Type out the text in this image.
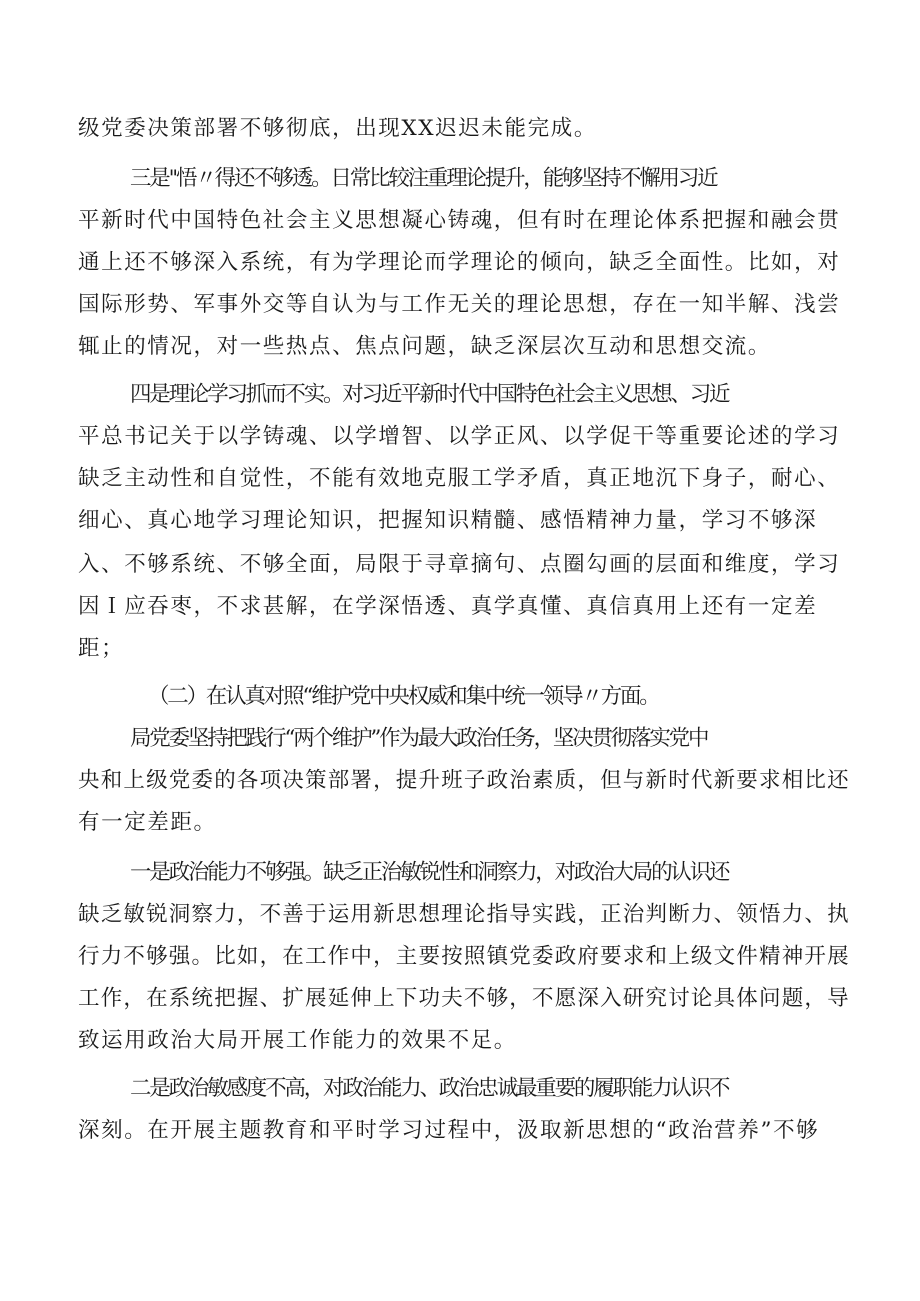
级党委决策部署不够彻底，出现XX迟迟未能完成。
三是''悟〃得还不够透。日常比较注重理论提升，能够坚持不懈用习近
平新时代中国特色社会主义思想凝心铸魂，但有时在理论体系把握和融会贯
通上还不够深入系统，有为学理论而学理论的倾向，缺乏全面性。比如，对
国际形势、军事外交等自认为与工作无关的理论思想，存在一知半解、浅尝
辄止的情况，对一些热点、焦点问题，缺乏深层次互动和思想交流。
四是理论学习抓而不实。对习近平新时代中国特色社会主义思想、习近
平总书记关于以学铸魂、以学增智、以学正风、以学促干等重要论述的学习
缺乏主动性和自觉性，不能有效地克服工学矛盾，真正地沉下身子，耐心、
细心、真心地学习理论知识，把握知识精髓、感悟精神力量，学习不够深
入、不够系统、不够全面，局限于寻章摘句、点圈勾画的层面和维度，学习
因Ｉ应吞枣，不求甚解，在学深悟透、真学真懂、真信真用上还有一定差
距；
（二）在认真对照“维护党中央权威和集中统一领导〃方面。
局党委坚持把践行“两个维护”作为最大政治任务，坚决贯彻落实党中
央和上级党委的各项决策部署，提升班子政治素质，但与新时代新要求相比还
有一定差距。
一是政治能力不够强。缺乏正治敏锐性和洞察力，对政治大局的认识还
缺乏敏锐洞察力，不善于运用新思想理论指导实践，正治判断力、领悟力、执
行力不够强。比如，在工作中，主要按照镇党委政府要求和上级文件精神开展
工作，在系统把握、扩展延伸上下功夫不够，不愿深入研究讨论具体问题，导
致运用政治大局开展工作能力的效果不足。
二是政治敏感度不高，对政治能力、政治忠诚最重要的履职能力认识不
深刻。在开展主题教育和平时学习过程中，汲取新思想的“政治营养”不够
